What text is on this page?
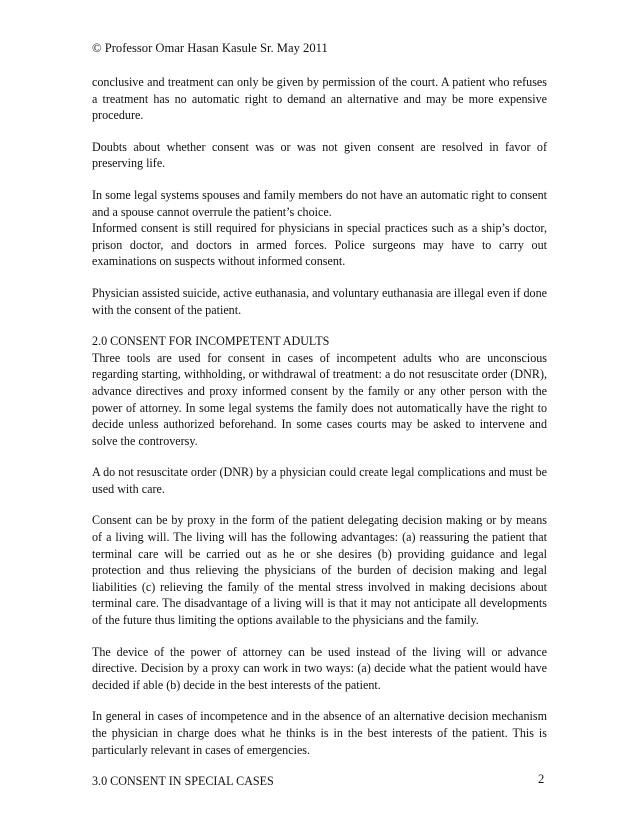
© Professor Omar Hasan Kasule Sr. May 2011

conclusive and treatment can only be given by permission of the court. A patient who refuses a treatment has no automatic right to demand an alternative and may be more expensive procedure.

Doubts about whether consent was or was not given consent are resolved in favor of preserving life.

In some legal systems spouses and family members do not have an automatic right to consent and a spouse cannot overrule the patient’s choice.

Informed consent is still required for physicians in special practices such as a ship’s doctor, prison doctor, and doctors in armed forces. Police surgeons may have to carry out examinations on suspects without informed consent.

Physician assisted suicide, active euthanasia, and voluntary euthanasia are illegal even if done with the consent of the patient.

2.0 CONSENT FOR INCOMPETENT ADULTS

Three tools are used for consent in cases of incompetent adults who are unconscious regarding starting, withholding, or withdrawal of treatment: a do not resuscitate order (DNR), advance directives and proxy informed consent by the family or any other person with the power of attorney. In some legal systems the family does not automatically have the right to decide unless authorized beforehand. In some cases courts may be asked to intervene and solve the controversy.

A do not resuscitate order (DNR) by a physician could create legal complications and must be used with care.

Consent can be by proxy in the form of the patient delegating decision making or by means of a living will. The living will has the following advantages: (a) reassuring the patient that terminal care will be carried out as he or she desires (b) providing guidance and legal protection and thus relieving the physicians of the burden of decision making and legal liabilities (c) relieving the family of the mental stress involved in making decisions about terminal care. The disadvantage of a living will is that it may not anticipate all developments of the future thus limiting the options available to the physicians and the family.

The device of the power of attorney can be used instead of the living will or advance directive. Decision by a proxy can work in two ways: (a) decide what the patient would have decided if able (b) decide in the best interests of the patient.

In general in cases of incompetence and in the absence of an alternative decision mechanism the physician in charge does what he thinks is in the best interests of the patient. This is particularly relevant in cases of emergencies.

3.0 CONSENT IN SPECIAL CASES	2
